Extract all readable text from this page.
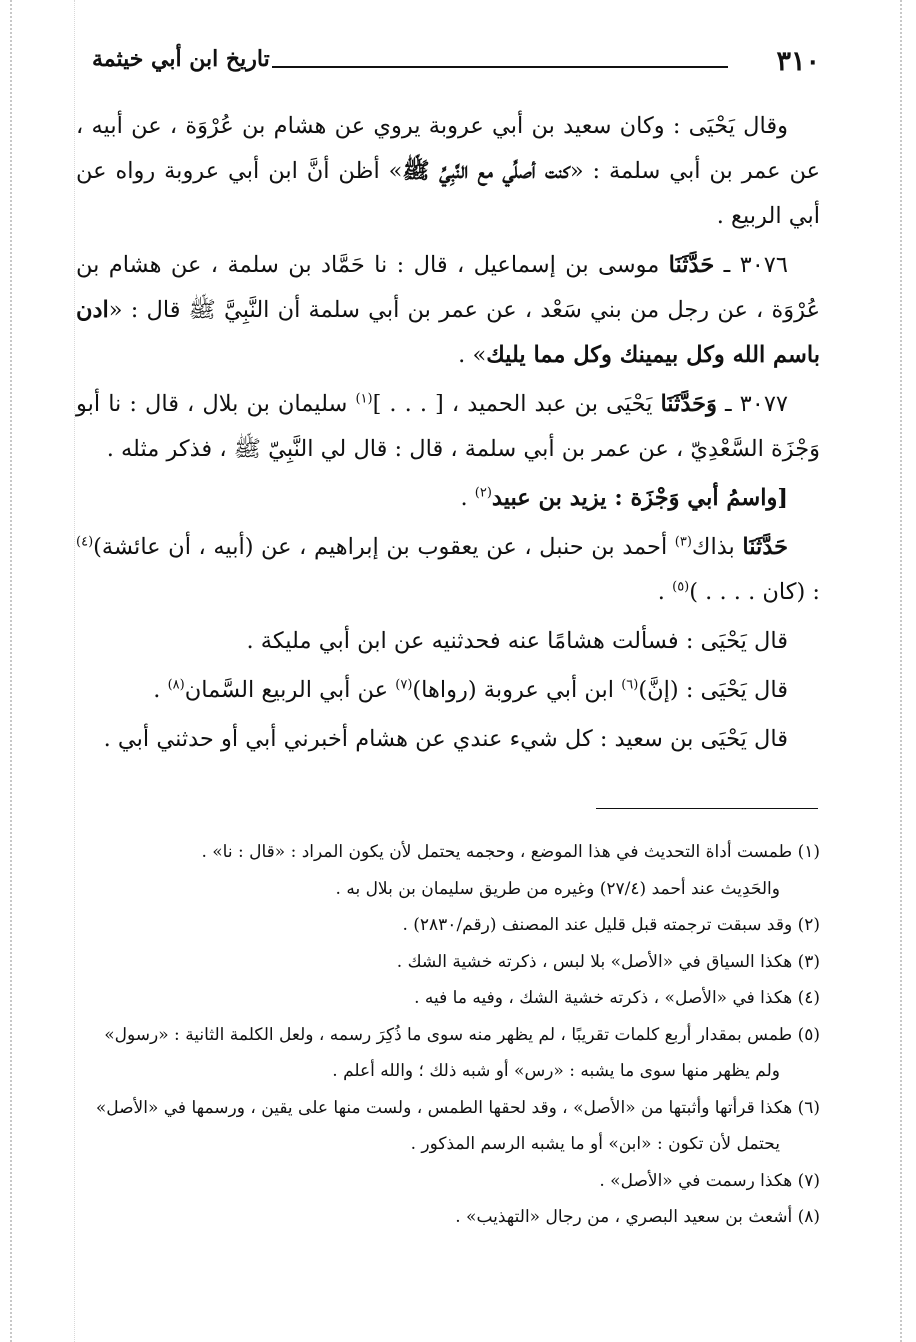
٣١٠
تاريخ ابن أبي خيثمة

وقال يَحْيَى : وكان سعيد بن أبي عروبة يروي عن هشام بن عُرْوَة ، عن أبيه ، عن عمر بن أبي سلمة : «كنت أصلِّي مع النَّبِيِّ ﷺ» أظن أنَّ ابن أبي عروبة رواه عن أبي الربيع .

٣٠٧٦ ـ حَدَّثَنَا موسى بن إسماعيل ، قال : نا حَمَّاد بن سلمة ، عن هشام بن عُرْوَة ، عن رجل من بني سَعْد ، عن عمر بن أبي سلمة أن النَّبِيَّ ﷺ قال : «ادن باسم الله وكل بيمينك وكل مما يليك» .

٣٠٧٧ ـ وَحَدَّثَنَا يَحْيَى بن عبد الحميد ، [ . . . ]$^{(١)}$ سليمان بن بلال ، قال : نا أبو وَجْزَة السَّعْدِيّ ، عن عمر بن أبي سلمة ، قال : قال لي النَّبِيّ ﷺ ، فذكر مثله .

[واسمُ أبي وَجْزَة : يزيد بن عبيد$^{(٢)}$ .

حَدَّثَنَا بذاك$^{(٣)}$ أحمد بن حنبل ، عن يعقوب بن إبراهيم ، عن (أبيه ، أن عائشة)$^{(٤)}$ : (كان . . . . )$^{(٥)}$ .

قال يَحْيَى : فسألت هشامًا عنه فحدثنيه عن ابن أبي مليكة .

قال يَحْيَى : (إنَّ)$^{(٦)}$ ابن أبي عروبة (رواها)$^{(٧)}$ عن أبي الربيع السَّمان$^{(٨)}$ .

قال يَحْيَى بن سعيد : كل شيء عندي عن هشام أخبرني أبي أو حدثني أبي .

(١) طمست أداة التحديث في هذا الموضع ، وحجمه يحتمل لأن يكون المراد : «قال : نا» .

والحَدِيث عند أحمد (٢٧/٤) وغيره من طريق سليمان بن بلال به .

(٢) وقد سبقت ترجمته قبل قليل عند المصنف (رقم/٢٨٣٠) .

(٣) هكذا السياق في «الأصل» بلا لبس ، ذكرته خشية الشك .

(٤) هكذا في «الأصل» ، ذكرته خشية الشك ، وفيه ما فيه .

(٥) طمس بمقدار أربع كلمات تقريبًا ، لم يظهر منه سوى ما ذُكِرَ رسمه ، ولعل الكلمة الثانية : «رسول»

ولم يظهر منها سوى ما يشبه : «رس» أو شبه ذلك ؛ والله أعلم .

(٦) هكذا قرأتها وأثبتها من «الأصل» ، وقد لحقها الطمس ، ولست منها على يقين ، ورسمها في «الأصل»

يحتمل لأن تكون : «ابن» أو ما يشبه الرسم المذكور .

(٧) هكذا رسمت في «الأصل» .

(٨) أشعث بن سعيد البصري ، من رجال «التهذيب» .
